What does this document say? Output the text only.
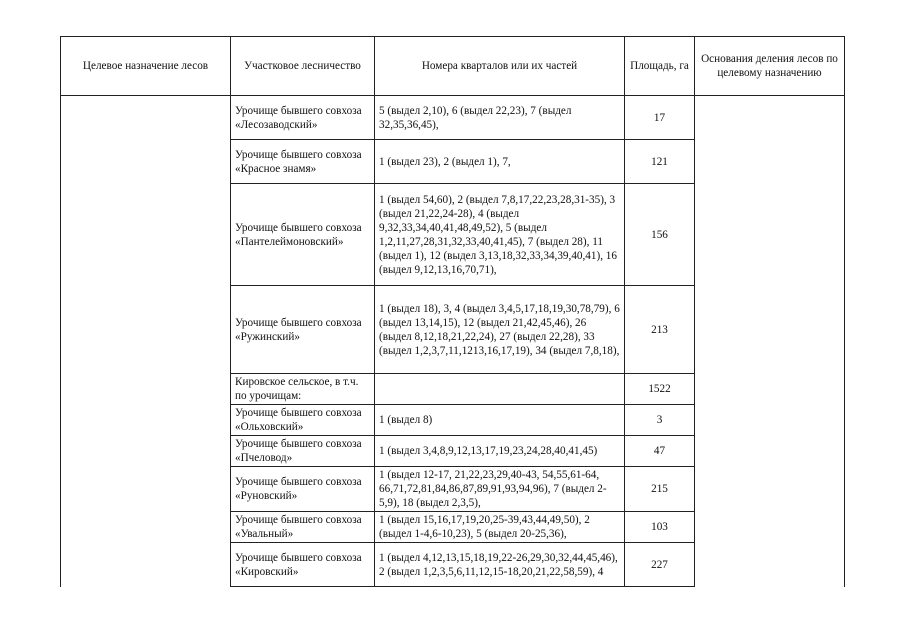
Целевое назначение лесов	Участковое лесничество	Номера кварталов или их частей	Площадь, га	Основания деления лесов по целевому назначению
	Урочище бывшего совхоза «Лесозаводский»	5 (выдел 2,10), 6 (выдел 22,23), 7 (выдел 32,35,36,45),	17	
	Урочище бывшего совхоза «Красное знамя»	1 (выдел 23), 2 (выдел 1), 7,	121	
	Урочище бывшего совхоза «Пантелеймоновский»	1 (выдел 54,60), 2 (выдел 7,8,17,22,23,28,31-35), 3 (выдел 21,22,24-28), 4 (выдел 9,32,33,34,40,41,48,49,52), 5 (выдел 1,2,11,27,28,31,32,33,40,41,45), 7 (выдел 28), 11 (выдел 1), 12 (выдел 3,13,18,32,33,34,39,40,41), 16 (выдел 9,12,13,16,70,71),	156	
	Урочище бывшего совхоза «Ружинский»	1 (выдел 18), 3, 4 (выдел 3,4,5,17,18,19,30,78,79), 6 (выдел 13,14,15), 12 (выдел 21,42,45,46), 26 (выдел 8,12,18,21,22,24), 27 (выдел 22,28), 33 (выдел 1,2,3,7,11,1213,16,17,19), 34 (выдел 7,8,18),	213	
	Кировское сельское, в т.ч. по урочищам:		1522	
	Урочище бывшего совхоза «Ольховский»	1 (выдел 8)	3	
	Урочище бывшего совхоза «Пчеловод»	1 (выдел 3,4,8,9,12,13,17,19,23,24,28,40,41,45)	47	
	Урочище бывшего совхоза «Руновский»	1 (выдел 12-17, 21,22,23,29,40-43, 54,55,61-64, 66,71,72,81,84,86,87,89,91,93,94,96), 7 (выдел 2-5,9), 18 (выдел 2,3,5),	215	
	Урочище бывшего совхоза «Увальный»	1 (выдел 15,16,17,19,20,25-39,43,44,49,50), 2 (выдел 1-4,6-10,23), 5 (выдел 20-25,36),	103	
	Урочище бывшего совхоза «Кировский»	1 (выдел 4,12,13,15,18,19,22-26,29,30,32,44,45,46), 2 (выдел 1,2,3,5,6,11,12,15-18,20,21,22,58,59), 4	227	
